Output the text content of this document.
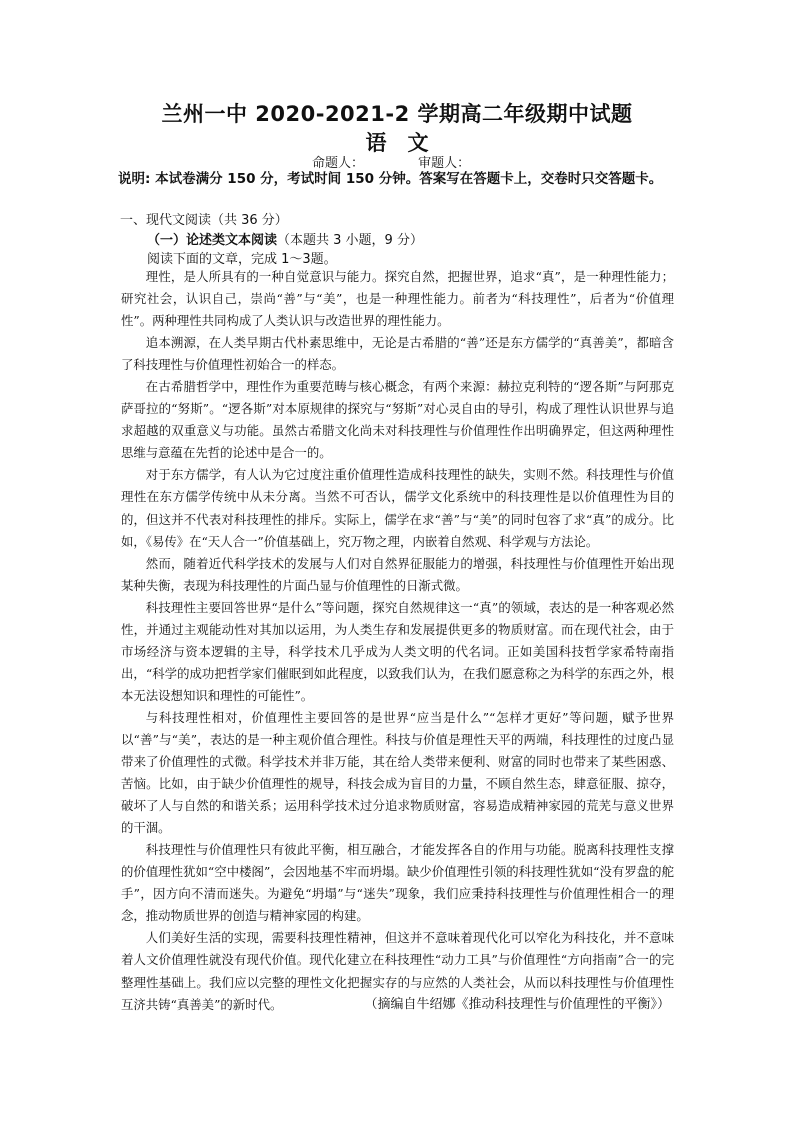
兰州一中 2020-2021-2 学期高二年级期中试题
语　文
命题人：	审题人：
说明: 本试卷满分 150 分，考试时间 150 分钟。答案写在答题卡上，交卷时只交答题卡。
一、现代文阅读（共 36 分）
（一）论述类文本阅读（本题共 3 小题，9 分）
阅读下面的文章，完成 1～3题。

理性，是人所具有的一种自觉意识与能力。探究自然，把握世界，追求“真”，是一种理性能力；研究社会，认识自己，崇尚“善”与“美”，也是一种理性能力。前者为“科技理性”，后者为“价值理性”。两种理性共同构成了人类认识与改造世界的理性能力。

追本溯源，在人类早期古代朴素思维中，无论是古希腊的“善”还是东方儒学的“真善美”，都暗含了科技理性与价值理性初始合一的样态。

在古希腊哲学中，理性作为重要范畴与核心概念，有两个来源：赫拉克利特的“逻各斯”与阿那克萨哥拉的“努斯”。“逻各斯”对本原规律的探究与“努斯”对心灵自由的导引，构成了理性认识世界与追求超越的双重意义与功能。虽然古希腊文化尚未对科技理性与价值理性作出明确界定，但这两种理性思维与意蕴在先哲的论述中是合一的。

对于东方儒学，有人认为它过度注重价值理性造成科技理性的缺失，实则不然。科技理性与价值理性在东方儒学传统中从未分离。当然不可否认，儒学文化系统中的科技理性是以价值理性为目的的，但这并不代表对科技理性的排斥。实际上，儒学在求“善”与“美”的同时包容了求“真”的成分。比如，《易传》在“天人合一”价值基础上，究万物之理，内嵌着自然观、科学观与方法论。

然而，随着近代科学技术的发展与人们对自然界征服能力的增强，科技理性与价值理性开始出现某种失衡，表现为科技理性的片面凸显与价值理性的日渐式微。

科技理性主要回答世界“是什么”等问题，探究自然规律这一“真”的领域，表达的是一种客观必然性，并通过主观能动性对其加以运用，为人类生存和发展提供更多的物质财富。而在现代社会，由于市场经济与资本逻辑的主导，科学技术几乎成为人类文明的代名词。正如美国科技哲学家希特南指出，“科学的成功把哲学家们催眠到如此程度，以致我们认为，在我们愿意称之为科学的东西之外，根本无法设想知识和理性的可能性”。

与科技理性相对，价值理性主要回答的是世界“应当是什么”“怎样才更好”等问题，赋予世界以“善”与“美”，表达的是一种主观价值合理性。科技与价值是理性天平的两端，科技理性的过度凸显带来了价值理性的式微。科学技术并非万能，其在给人类带来便利、财富的同时也带来了某些困惑、苦恼。比如，由于缺少价值理性的规导，科技会成为盲目的力量，不顾自然生态，肆意征服、掠夺，破坏了人与自然的和谐关系；运用科学技术过分追求物质财富，容易造成精神家园的荒芜与意义世界的干涸。

科技理性与价值理性只有彼此平衡，相互融合，才能发挥各自的作用与功能。脱离科技理性支撑的价值理性犹如“空中楼阁”，会因地基不牢而坍塌。缺少价值理性引领的科技理性犹如“没有罗盘的舵手”，因方向不清而迷失。为避免“坍塌”与“迷失”现象，我们应秉持科技理性与价值理性相合一的理念，推动物质世界的创造与精神家园的构建。

人们美好生活的实现，需要科技理性精神，但这并不意味着现代化可以窄化为科技化，并不意味着人文价值理性就没有现代价值。现代化建立在科技理性“动力工具”与价值理性“方向指南”合一的完整理性基础上。我们应以完整的理性文化把握实存的与应然的人类社会，从而以科技理性与价值理性互济共铸“真善美”的新时代。	（摘编自牛绍娜《推动科技理性与价值理性的平衡》）
